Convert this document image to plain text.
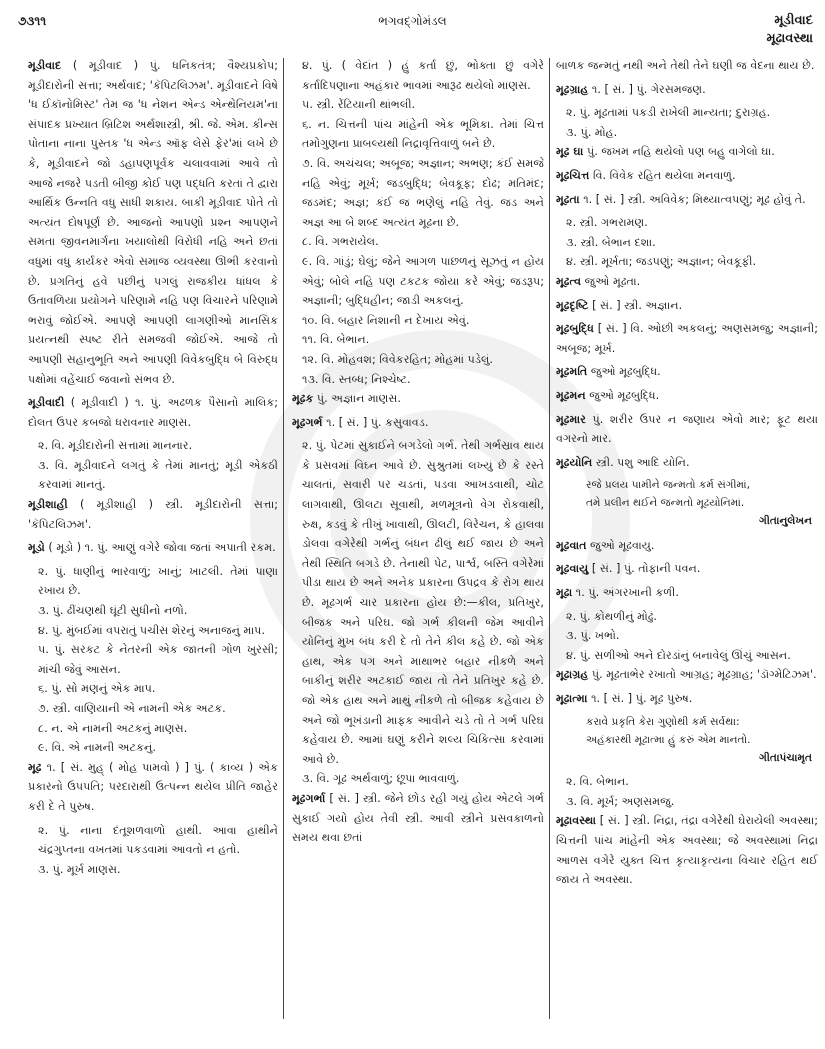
૭૩૧૧	ભગવદ્‍ગોમંડલ	મૂડીવાદ
મૂઢાવસ્થા

મૂડીવાદ ( મૂડીવાદ ) પું. ધનિકતંત્ર; વૈશ્યપ્રકોપ; મૂડીદારોની સત્તા; અર્થવાદ; 'કૅપિટલિઝમ'. મૂડીવાદને વિષે 'ધ ઈકૉનોમિસ્ટ' તેમ જ 'ધ નેશન એન્ડ એન્થેનિયમ'ના સંપાદક પ્રખ્યાત બ્રિટિશ અર્થશાસ્ત્રી, શ્રી. જે. એમ. કીન્સ પોતાના નાના પુસ્તક 'ધ એન્ડ ઑફ લેસે ફેર'માં લખે છે કે, મૂડીવાદને જો ડહાપણપૂર્વક ચલાવવામાં આવે તો આજે નજરે પડતી બીજી કોઈ પણ પદ્ધતિ કરતાં તે દ્વારા આર્થિક ઉન્નતિ વધુ સાધી શકાય. બાકી મૂડીવાદ પોતે તો અત્યંત દોષપૂર્ણ છે. આજનો આપણો પ્રશ્ન આપણને સમતા જીવનમાર્ગના ખયાલોથી વિરોધી નહિ અને છતાં વધુમાં વધુ કાર્યકર એવો સમાજ વ્યવસ્થા ઊભી કરવાનો છે. પ્રગતિનું હવે પછીનું પગલું રાજકીય ધાંધલ કે ઉતાવળિયા પ્રયોગને પરિણામે નહિ પણ વિચારને પરિણામે ભરાવું જોઈએ. આપણે આપણી લાગણીઓ માનસિક પ્રયત્નથી સ્પષ્ટ રીતે સમજવી જોઈએ. આજે તો આપણી સહાનુભૂતિ અને આપણી વિવેકબુદ્ધિ બે વિરુદ્ધ પક્ષોમાં વહેંચાઈ જવાનો સંભવ છે.

મૂડીવાદી ( મૂડીવાદી ) ૧. પું. અઢળક પૈસાનો માલિક; દોલત ઉપર કબજો ધરાવનાર માણસ.

૨. વિ. મૂડીદારોની સત્તામાં માનનાર.

૩. વિ. મૂડીવાદને લગતું કે તેમાં માનતું; મૂડી એકઠી કરવામાં માનતું.

મૂડીશાહી ( મૂડીશાહી ) સ્ત્રી. મૂડીદારોની સત્તા; 'કૅપિટલિઝમ'.

મૂડો ( મૂડો ) ૧. પું. આણું વગેરે જોવા જતાં અપાતી રકમ.

૨. પું. ધાણીનું ભારવાળું; ખાનું; ખાટલી. તેમાં પાણા રખાય છે.

૩. પું. ઢીંચણથી ઘૂંટી સુધીનો નળો.

૪. પું. મુંબઈમાં વપરાતું પચીસ શેરનું અનાજનું માપ.

૫. પું. સરકટ કે નેતરની એક જાતની ગોળ ખુરસી; માંચી જેવું આસન.

૬. પું. સો મણનું એક માપ.

૭. સ્ત્રી. વાણિયાની એ નામની એક અટક.

૮. ન. એ નામની અટકનું માણસ.

૯. વિ. એ નામની અટકનું.

મૂઢ ૧. [ સં. મુહ્ ( મોહ પામવો ) ] પું. ( કાવ્ય ) એક પ્રકારનો ઉપપતિ; પરદારાથી ઉત્પન્ન થયેલ પ્રીતિ જાહેર કરી દે તે પુરુષ.

૨. પું. નાના દંતૂશળવાળો હાથી. આવા હાથીને ચંદ્રગુપ્તના વખતમાં પકડવામાં આવતો ન હતો.

૩. પું. મૂર્ખ માણસ.

૪. પું. ( વેદાંત ) હું કર્તા છું, ભોક્તા છું વગેરે કર્તાદિપણાના અહંકાર ભાવમાં આરૂઢ થયેલો માણસ.

૫. સ્ત્રી. રેંટિયાની થાંભલી.

૬. ન. ચિત્તની પાંચ માંહેની એક ભૂમિકા. તેમાં ચિત્ત તમોગુણના પ્રાબલ્યથી નિદ્રાવૃત્તિવાળું બને છે.

૭. વિ. અચંચલ; અબૂજ; અજ્ઞાન; અભણ; કંઈ સમજે નહિ એવું; મૂર્ખ; જડબુદ્ધિ; બેવકૂફ; દોઢ; મતિમંદ; જડમંદ; અજ્ઞ; કંઈ જ ભણેલું નહિ તેવું. જડ અને અજ્ઞ આ બે શબ્દ અત્યંત મૂઢના છે.

૮. વિ. ગભરાયેલ.

૯. વિ. ગાંડું; ઘેલું; જેને આગળ પાછળનું સૂઝતું ન હોય એવું; બોલે નહિ પણ ટકટક જોયા કરે એવું; જડરૂપ; અજ્ઞાની; બુદ્ધિહીન; જાડી અકલનું.

૧૦. વિ. બહાર નિશાની ન દેખાય એવું.

૧૧. વિ. બેભાન.

૧૨. વિ. મોહવશ; વિવેકરહિત; મોહમાં પડેલું.

૧૩. વિ. સ્તબ્ધ; નિશ્ચેષ્ટ.

મૂઢક પું. અજ્ઞાન માણસ.

મૂઢગર્ભ ૧. [ સં. ] પું. કસુવાવડ.

૨. પું. પેટમાં સુકાઈને બગડેલો ગર્ભ. તેથી ગર્ભસ્રાવ થાય કે પ્રસવમાં વિઘ્ન આવે છે. સુશ્રુતમાં લખ્યું છે કે રસ્તે ચાલતાં, સવારી પર ચડતાં, પડવા આખડવાથી, ચોટ લાગવાથી, ઊલટા સૂવાથી, મળમૂત્રનો વેગ રોકવાથી, રુક્ષ, કડવું કે તીખું ખાવાથી, ઊલટી, વિરેચન, કે હાલવા ડોલવા વગેરેથી ગર્ભનું બંધન ઢીલું થઈ જાય છે અને તેથી સ્થિતિ બગડે છે. તેનાથી પેટ, પાર્શ્વ, બસ્તિ વગેરેમાં પીડા થાય છે અને અનેક પ્રકારના ઉપદ્રવ કે રોગ થાય છે. મૂઢગર્ભ ચાર પ્રકારના હોય છે:—કીલ, પ્રતિખુર, બીજક અને પરિઘ. જો ગર્ભ કીલની જેમ આવીને યોનિનું મુખ બંધ કરી દે તો તેને કીલ કહે છે. જો એક હાથ, એક પગ અને માથાભર બહાર નીકળે અને બાકીનું શરીર અટકાઈ જાય તો તેને પ્રતિખુર કહે છે. જો એક હાથ અને માથું નીકળે તો બીજક કહેવાય છે અને જો ભૂખંડાની માફક આવીને ચડે તો તે ગર્ભ પરિઘ કહેવાય છે. આમાં ઘણું કરીને શલ્ય ચિકિત્સા કરવામાં આવે છે.

૩. વિ. ગૂઢ અર્થવાળું; છૂપા ભાવવાળું.

મૂઢગર્ભા [ સં. ] સ્ત્રી. જેને છોડ રહી ગયું હોય એટલે ગર્ભ સુકાઈ ગયો હોય તેવી સ્ત્રી. આવી સ્ત્રીને પ્રસવકાળનો સમય થવા છતાં

બાળક જન્મતું નથી અને તેથી તેને ઘણી જ વેદના થાય છે.

મૂઢગ્રાહ ૧. [ સં. ] પું. ગેરસમજણ.

૨. પું. મૂઢતામાં પકડી રાખેલી માન્યતા; દુરાગ્રહ.

૩. પું. મોહ.

મૂઢ ઘા પું. જખમ નહિ થયેલો પણ બહુ વાગેલો ઘા.

મૂઢચિત્ત વિ. વિવેક રહિત થયેલા મનવાળું.

મૂઢતા ૧. [ સં. ] સ્ત્રી. અવિવેક; મિથ્યાત્વપણું; મૂઢ હોવું તે.

૨. સ્ત્રી. ગભરામણ.

૩. સ્ત્રી. બેભાન દશા.

૪. સ્ત્રી. મૂર્ખતા; જડપણું; અજ્ઞાન; બેવકૂફી.

મૂઢત્વ જુઓ મૂઢતા.

મૂઢદૃષ્ટિ [ સં. ] સ્ત્રી. અજ્ઞાન.

મૂઢબુદ્ધિ [ સં. ] વિ. ઓછી અકલનું; અણસમજુ; અજ્ઞાની; અબૂજ; મૂર્ખ.

મૂઢમતિ જુઓ મૂઢબુદ્ધિ.

મૂઢમન જુઓ મૂઢબુદ્ધિ.

મૂઢમાર પું. શરીર ઉપર ન જણાય એવો માર; ફૂટ થયા વગરનો માર.

મૂઢયોનિ સ્ત્રી. પશુ આદિ યોનિ.

રજે પ્રલય પામીને જન્મતો કર્મ સંગીમાં,
તમે પ્રલીન થઈને જન્મતો મૂઢયોનિમાં.
ગીતાનુલેખન

મૂઢવાત જુઓ મૂઢવાયુ.

મૂઢવાયુ [ સં. ] પું. તોફાની પવન.

મૂઢા ૧. પું. અંગરખાની કળી.

૨. પું. કોથળીનું મોઢું.

૩. પું. ખભો.

૪. પું. સળીઓ અને દોરડાંનું બનાવેલું ઊંચું આસન.

મૂઢાગ્રહ પું. મૂઢતાભેર રખાતો આગ્રહ; મૂઢગ્રાહ; 'ડૉગ્મેટિઝમ'.

મૂઢાત્મા ૧. [ સં. ] પું. મૂઢ પુરુષ.

કરાવે પ્રકૃતિ કેરા ગુણોથી કર્મ સર્વથા:
અહંકારથી મૂઢાત્મા હું કરું એમ માનતો.
ગીતાપંચામૃત

૨. વિ. બેભાન.

૩. વિ. મૂર્ખ; અણસમજુ.

મૂઢાવસ્થા [ સં. ] સ્ત્રી. નિદ્રા, તંદ્રા વગેરેથી ઘેરાયેલી અવસ્થા; ચિત્તની પાંચ માંહેની એક અવસ્થા; જે અવસ્થામાં નિદ્રા આળસ વગેરે યુક્ત ચિત્ત કૃત્યાકૃત્યના વિચાર રહિત થઈ જાય તે અવસ્થા.
